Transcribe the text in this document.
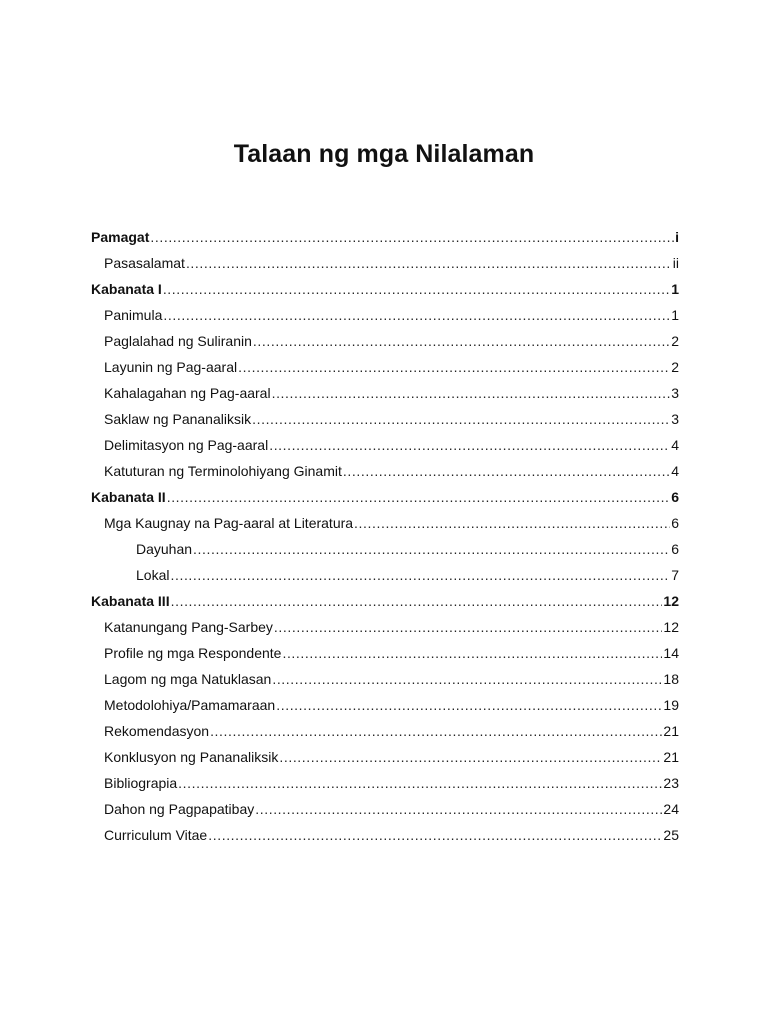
Talaan ng mga Nilalaman
Pamagat .....	i
Pasasalamat .....	ii
Kabanata I .....	1
Panimula .....	1
Paglalahad ng Suliranin .....	2
Layunin ng Pag-aaral .....	2
Kahalagahan ng Pag-aaral .....	3
Saklaw ng Pananaliksik .....	3
Delimitasyon ng Pag-aaral .....	4
Katuturan ng Terminolohiyang Ginamit .....	4
Kabanata II .....	6
Mga Kaugnay na Pag-aaral at Literatura .....	6
Dayuhan .....	6
Lokal .....	7
Kabanata III .....	12
Katanungang Pang-Sarbey .....	12
Profile ng mga Respondente .....	14
Lagom ng mga Natuklasan .....	18
Metodolohiya/Pamamaraan .....	19
Rekomendasyon .....	21
Konklusyon ng Pananaliksik .....	21
Bibliograpia .....	23
Dahon ng Pagpapatibay .....	24
Curriculum Vitae .....	25
